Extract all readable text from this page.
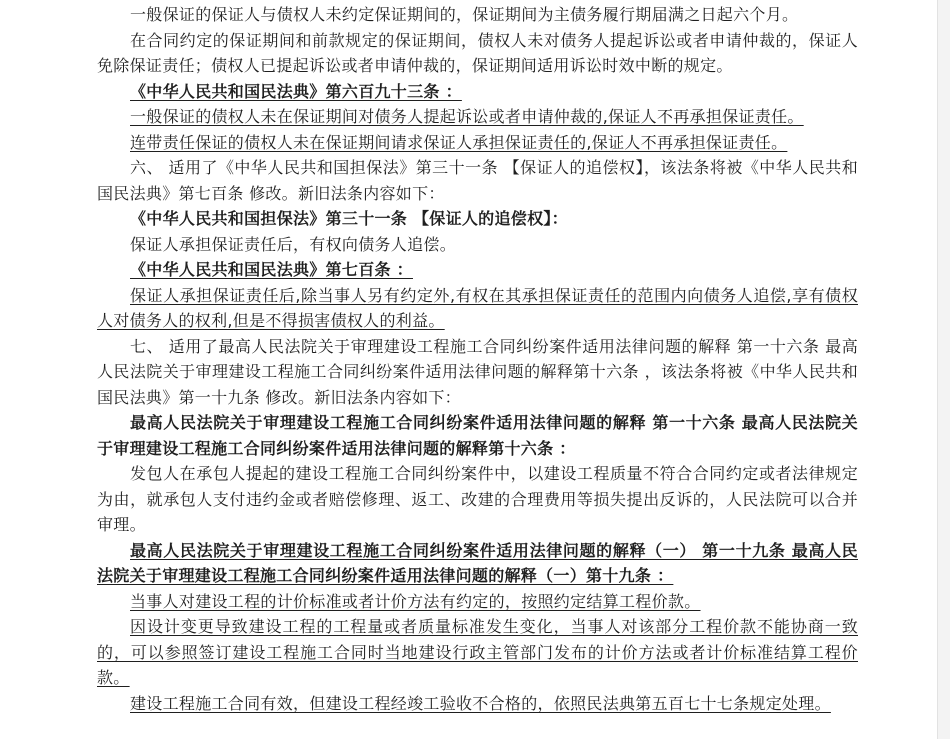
一般保证的保证人与债权人未约定保证期间的，保证期间为主债务履行期届满之日起六个月。

在合同约定的保证期间和前款规定的保证期间，债权人未对债务人提起诉讼或者申请仲裁的，保证人免除保证责任；债权人已提起诉讼或者申请仲裁的，保证期间适用诉讼时效中断的规定。

《中华人民共和国民法典》第六百九十三条 ：

一般保证的债权人未在保证期间对债务人提起诉讼或者申请仲裁的,保证人不再承担保证责任。

连带责任保证的债权人未在保证期间请求保证人承担保证责任的,保证人不再承担保证责任。

六、 适用了《中华人民共和国担保法》第三十一条 【保证人的追偿权】，该法条将被《中华人民共和国民法典》第七百条 修改。新旧法条内容如下：

《中华人民共和国担保法》第三十一条 【保证人的追偿权】：

保证人承担保证责任后，有权向债务人追偿。

《中华人民共和国民法典》第七百条 ：

保证人承担保证责任后,除当事人另有约定外,有权在其承担保证责任的范围内向债务人追偿,享有债权人对债务人的权利,但是不得损害债权人的利益。

七、 适用了最高人民法院关于审理建设工程施工合同纠纷案件适用法律问题的解释 第一十六条 最高人民法院关于审理建设工程施工合同纠纷案件适用法律问题的解释第十六条 ，该法条将被《中华人民共和国民法典》第一十九条 修改。新旧法条内容如下：

最高人民法院关于审理建设工程施工合同纠纷案件适用法律问题的解释 第一十六条 最高人民法院关于审理建设工程施工合同纠纷案件适用法律问题的解释第十六条 ：

发包人在承包人提起的建设工程施工合同纠纷案件中，以建设工程质量不符合合同约定或者法律规定为由，就承包人支付违约金或者赔偿修理、返工、改建的合理费用等损失提出反诉的，人民法院可以合并审理。

最高人民法院关于审理建设工程施工合同纠纷案件适用法律问题的解释（一） 第一十九条 最高人民法院关于审理建设工程施工合同纠纷案件适用法律问题的解释（一）第十九条 ：

当事人对建设工程的计价标准或者计价方法有约定的，按照约定结算工程价款。

因设计变更导致建设工程的工程量或者质量标准发生变化，当事人对该部分工程价款不能协商一致的，可以参照签订建设工程施工合同时当地建设行政主管部门发布的计价方法或者计价标准结算工程价款。

建设工程施工合同有效，但建设工程经竣工验收不合格的，依照民法典第五百七十七条规定处理。
